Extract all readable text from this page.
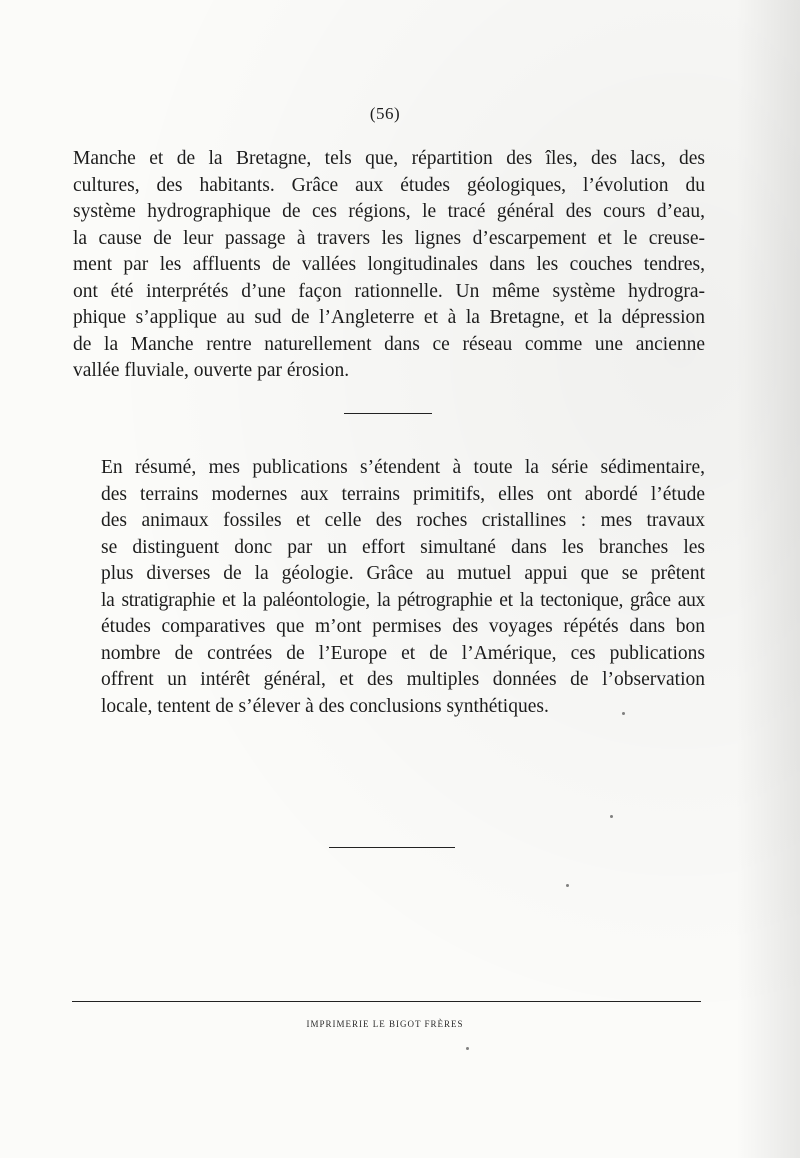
(56)

Manche et de la Bretagne, tels que, répartition des îles, des lacs, des
cultures, des habitants. Grâce aux études géologiques, l’évolution du
système hydrographique de ces régions, le tracé général des cours d’eau,
la cause de leur passage à travers les lignes d’escarpement et le creuse-
ment par les affluents de vallées longitudinales dans les couches tendres,
ont été interprétés d’une façon rationnelle. Un même système hydrogra-
phique s’applique au sud de l’Angleterre et à la Bretagne, et la dépression
de la Manche rentre naturellement dans ce réseau comme une ancienne
vallée fluviale, ouverte par érosion.

En résumé, mes publications s’étendent à toute la série sédimentaire,
des terrains modernes aux terrains primitifs, elles ont abordé l’étude
des animaux fossiles et celle des roches cristallines : mes travaux
se distinguent donc par un effort simultané dans les branches les
plus diverses de la géologie. Grâce au mutuel appui que se prêtent
la stratigraphie et la paléontologie, la pétrographie et la tectonique, grâce aux
études comparatives que m’ont permises des voyages répétés dans bon
nombre de contrées de l’Europe et de l’Amérique, ces publications
offrent un intérêt général, et des multiples données de l’observation
locale, tentent de s’élever à des conclusions synthétiques.

IMPRIMERIE LE BIGOT FRÈRES
